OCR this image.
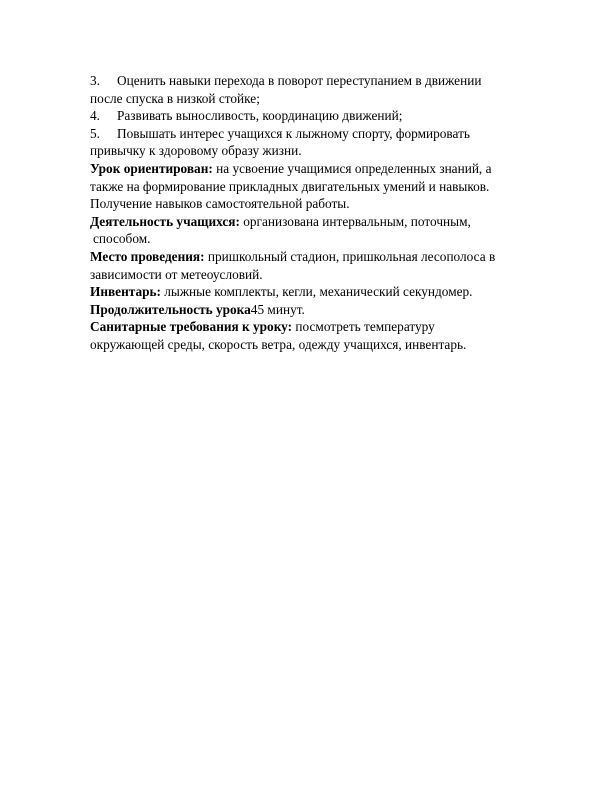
3. Оценить навыки перехода в поворот переступанием в движении

после спуска в низкой стойке;

4. Развивать выносливость, координацию движений;

5. Повышать интерес учащихся к лыжному спорту, формировать

привычку к здоровому образу жизни.

Урок ориентирован: на усвоение учащимися определенных знаний, а

также на формирование прикладных двигательных умений и навыков.

Получение навыков самостоятельной работы.

Деятельность учащихся: организована интервальным, поточным,

способом.

Место проведения: пришкольный стадион, пришкольная лесополоса в

зависимости от метеоусловий.

Инвентарь: лыжные комплекты, кегли, механический секундомер.

Продолжительность урока45 минут.

Санитарные требования к уроку: посмотреть температуру

окружающей среды, скорость ветра, одежду учащихся, инвентарь.
